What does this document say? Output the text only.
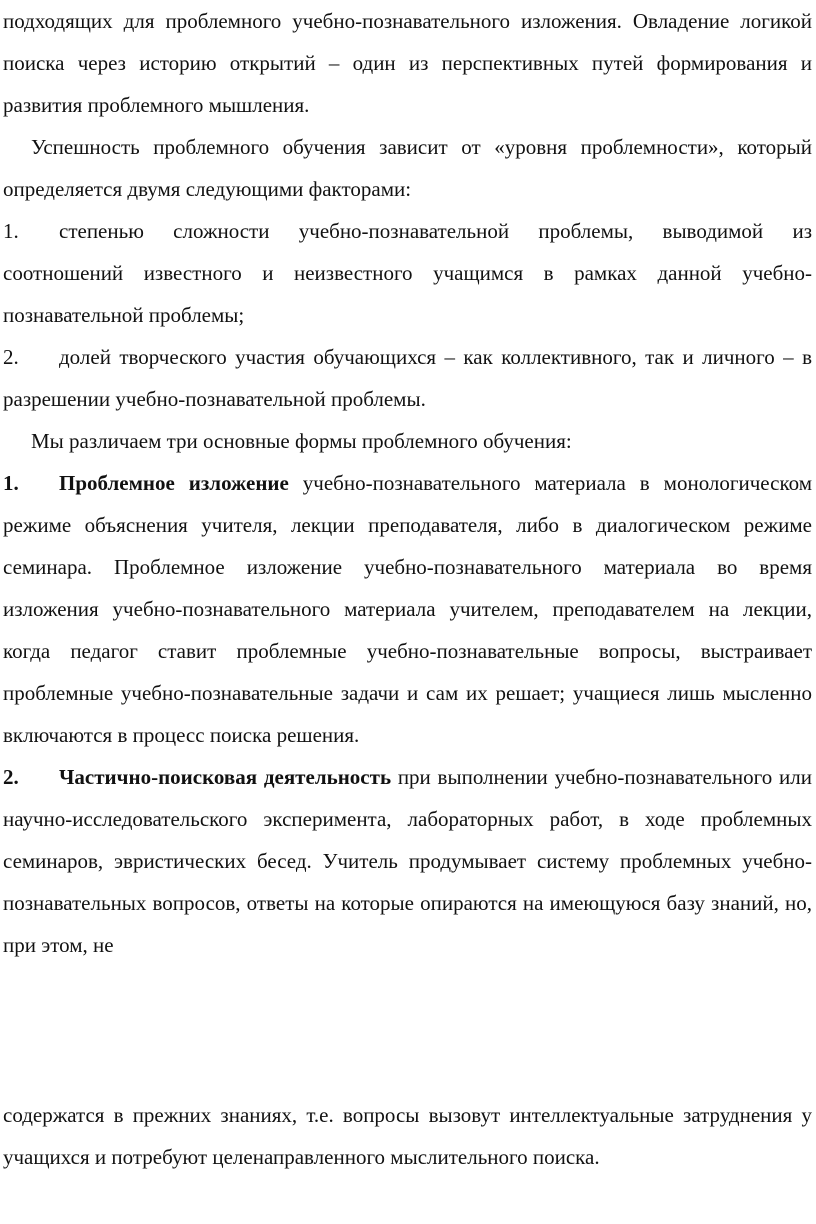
подходящих для проблемного учебно-познавательного изложения. Овладение логикой поиска через историю открытий – один из перспективных путей формирования и развития проблемного мышления.

Успешность проблемного обучения зависит от «уровня проблемности», который определяется двумя следующими факторами:

1. степенью сложности учебно-познавательной проблемы, выводимой из соотношений известного и неизвестного учащимся в рамках данной учебно-познавательной проблемы;

2. долей творческого участия обучающихся – как коллективного, так и личного – в разрешении учебно-познавательной проблемы.

Мы различаем три основные формы проблемного обучения:

1. Проблемное изложение учебно-познавательного материала в монологическом режиме объяснения учителя, лекции преподавателя, либо в диалогическом режиме семинара. Проблемное изложение учебно-познавательного материала во время изложения учебно-познавательного материала учителем, преподавателем на лекции, когда педагог ставит проблемные учебно-познавательные вопросы, выстраивает проблемные учебно-познавательные задачи и сам их решает; учащиеся лишь мысленно включаются в процесс поиска решения.

2. Частично-поисковая деятельность при выполнении учебно-познавательного или научно-исследовательского эксперимента, лабораторных работ, в ходе проблемных семинаров, эвристических бесед. Учитель продумывает систему проблемных учебно-познавательных вопросов, ответы на которые опираются на имеющуюся базу знаний, но, при этом, не

содержатся в прежних знаниях, т.е. вопросы вызовут интеллектуальные затруднения у учащихся и потребуют целенаправленного мыслительного поиска.
